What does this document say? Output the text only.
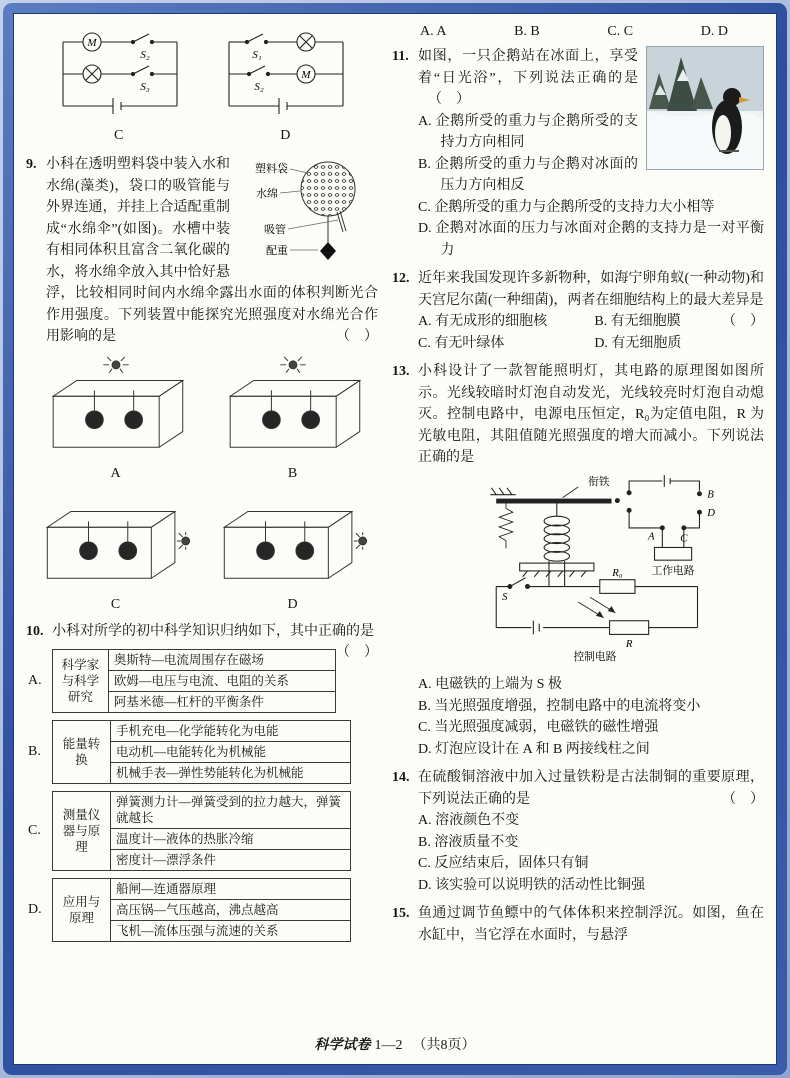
M
S₂
S₃
C
S₁
S₂
M
D
9.	塑料袋
水绵
吸管
配重
小科在透明塑料袋中装入水和水绵(藻类)，袋口的吸管能与外界连通，并挂上合适配重制成“水绵伞”(如图)。水槽中装有相同体积且富含二氧化碳的水，将水绵伞放入其中恰好悬浮，比较相同时间内水绵伞露出水面的体积判断光合作用强度。下列装置中能探究光照强度对水绵光合作用影响的是	（　）
A	B
C	D
10. 小科对所学的初中科学知识归纳如下，其中正确的是
（　）
A.
科学家与科学研究	奥斯特—电流周围存在磁场
欧姆—电压与电流、电阻的关系
阿基米德—杠杆的平衡条件
B.	能量转换	手机充电—化学能转化为电能
电动机—电能转化为机械能
机械手表—弹性势能转化为机械能
C.
测量仪器与原理	弹簧测力计—弹簧受到的拉力越大，弹簧就越长
温度计—液体的热胀冷缩
密度计—漂浮条件
D.	应用与原理	船闸—连通器原理
高压锅—气压越高，沸点越高
飞机—流体压强与流速的关系
A. A	B. B	C. C	D. D
11. 如图，一只企鹅站在冰面上，享受着“日光浴”，下列说法正确的是 （　）
A. 企鹅所受的重力与企鹅所受的支持力方向相同
B. 企鹅所受的重力与企鹅对冰面的压力方向相反
C. 企鹅所受的重力与企鹅所受的支持力大小相等
D. 企鹅对冰面的压力与冰面对企鹅的支持力是一对平衡力
12. 近年来我国发现许多新物种，如海宁卵角蚁(一种动物)和天宫尼尔菌(一种细菌)，两者在细胞结构上的最大差异是
（　）
A. 有无成形的细胞核	B. 有无细胞膜
C. 有无叶绿体	D. 有无细胞质
13. 小科设计了一款智能照明灯，其电路的原理图如图所示。光线较暗时灯泡自动发光，光线较亮时灯泡自动熄灭。控制电路中，电源电压恒定，R₀为定值电阻，R 为光敏电阻，其阻值随光照强度的增大而减小。下列说法正确的是
衔铁
B
D
C
A
工作电路
S
R₀
R
控制电路
A. 电磁铁的上端为 S 极
B. 当光照强度增强，控制电路中的电流将变小
C. 当光照强度减弱，电磁铁的磁性增强
D. 灯泡应设计在 A 和 B 两接线柱之间
14. 在硫酸铜溶液中加入过量铁粉是古法制铜的重要原理，下列说法正确的是	（　）
A. 溶液颜色不变
B. 溶液质量不变
C. 反应结束后，固体只有铜
D. 该实验可以说明铁的活动性比铜强
15. 鱼通过调节鱼鳔中的气体体积来控制浮沉。如图，鱼在水缸中，当它浮在水面时，与悬浮
科学试卷 1—2 （共8页）
